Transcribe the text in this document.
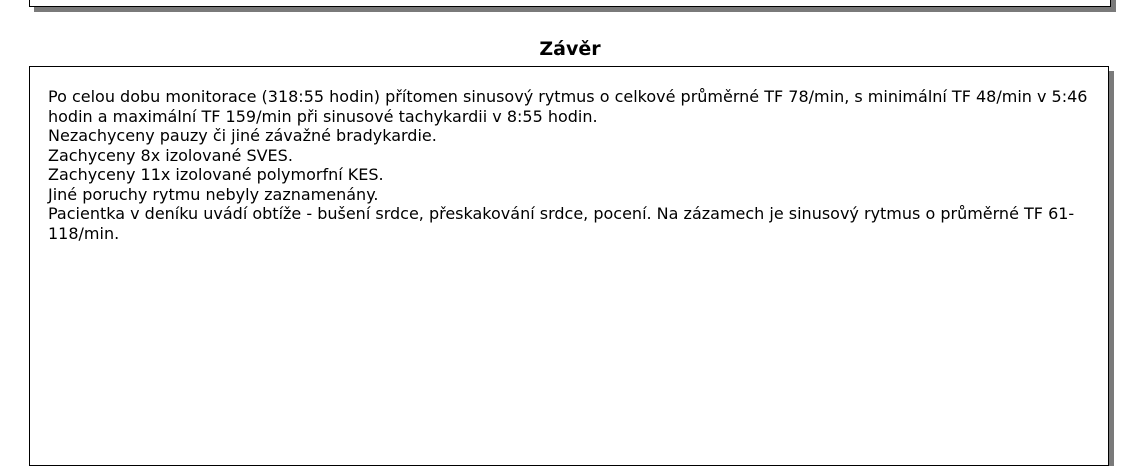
Závěr
Po celou dobu monitorace (318:55 hodin) přítomen sinusový rytmus o celkové průměrné TF 78/min, s minimální TF 48/min v 5:46 hodin a maximální TF 159/min při sinusové tachykardii v 8:55 hodin.
Nezachyceny pauzy či jiné závažné bradykardie.
Zachyceny 8x izolované SVES.
Zachyceny 11x izolované polymorfní KES.
Jiné poruchy rytmu nebyly zaznamenány.
Pacientka v deníku uvádí obtíže - bušení srdce, přeskakování srdce, pocení. Na zázamech je sinusový rytmus o průměrné TF 61-118/min.
